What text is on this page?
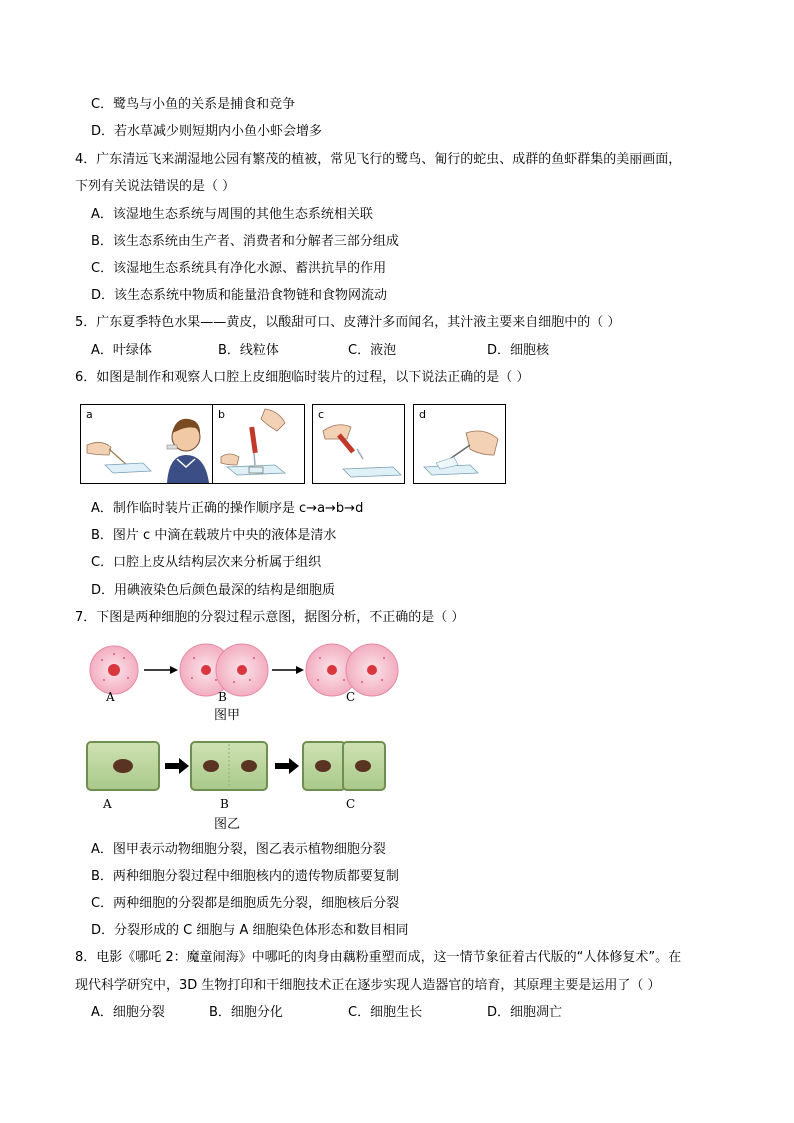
C．鹭鸟与小鱼的关系是捕食和竞争
D．若水草减少则短期内小鱼小虾会增多
4．广东清远飞来湖湿地公园有繁茂的植被，常见飞行的鹭鸟、匍行的蛇虫、成群的鱼虾群集的美丽画面，
下列有关说法错误的是（ ）
A．该湿地生态系统与周围的其他生态系统相关联
B．该生态系统由生产者、消费者和分解者三部分组成
C．该湿地生态系统具有净化水源、蓄洪抗旱的作用
D．该生态系统中物质和能量沿食物链和食物网流动
5．广东夏季特色水果——黄皮，以酸甜可口、皮薄汁多而闻名，其汁液主要来自细胞中的（ ）
A．叶绿体	B．线粒体	C．液泡	D．细胞核
6．如图是制作和观察人口腔上皮细胞临时装片的过程，以下说法正确的是（ ）
a	b	c	d
A．制作临时装片正确的操作顺序是 c→a→b→d
B．图片 c 中滴在载玻片中央的液体是清水
C．口腔上皮从结构层次来分析属于组织
D．用碘液染色后颜色最深的结构是细胞质
7．下图是两种细胞的分裂过程示意图，据图分析，不正确的是（ ）
A	B	C
图甲
A	B	C
图乙
A．图甲表示动物细胞分裂，图乙表示植物细胞分裂
B．两种细胞分裂过程中细胞核内的遗传物质都要复制
C．两种细胞的分裂都是细胞质先分裂，细胞核后分裂
D．分裂形成的 C 细胞与 A 细胞染色体形态和数目相同
8．电影《哪吒 2：魔童闹海》中哪吒的肉身由藕粉重塑而成，这一情节象征着古代版的“人体修复术”。在
现代科学研究中，3D 生物打印和干细胞技术正在逐步实现人造器官的培育，其原理主要是运用了（ ）
A．细胞分裂	B．细胞分化	C．细胞生长	D．细胞凋亡
